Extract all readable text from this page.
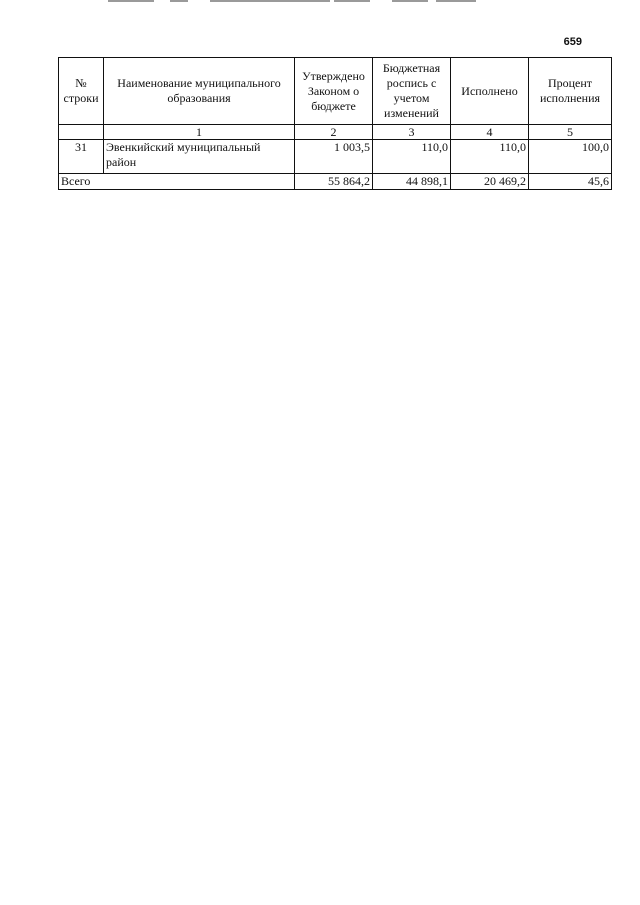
659
№ строки	Наименование муниципального образования	Утверждено Законом о бюджете	Бюджетная роспись с учетом изменений	Исполнено	Процент исполнения
	1	2	3	4	5
31	Эвенкийский муниципальный район	1 003,5	110,0	110,0	100,0
Всего		55 864,2	44 898,1	20 469,2	45,6
